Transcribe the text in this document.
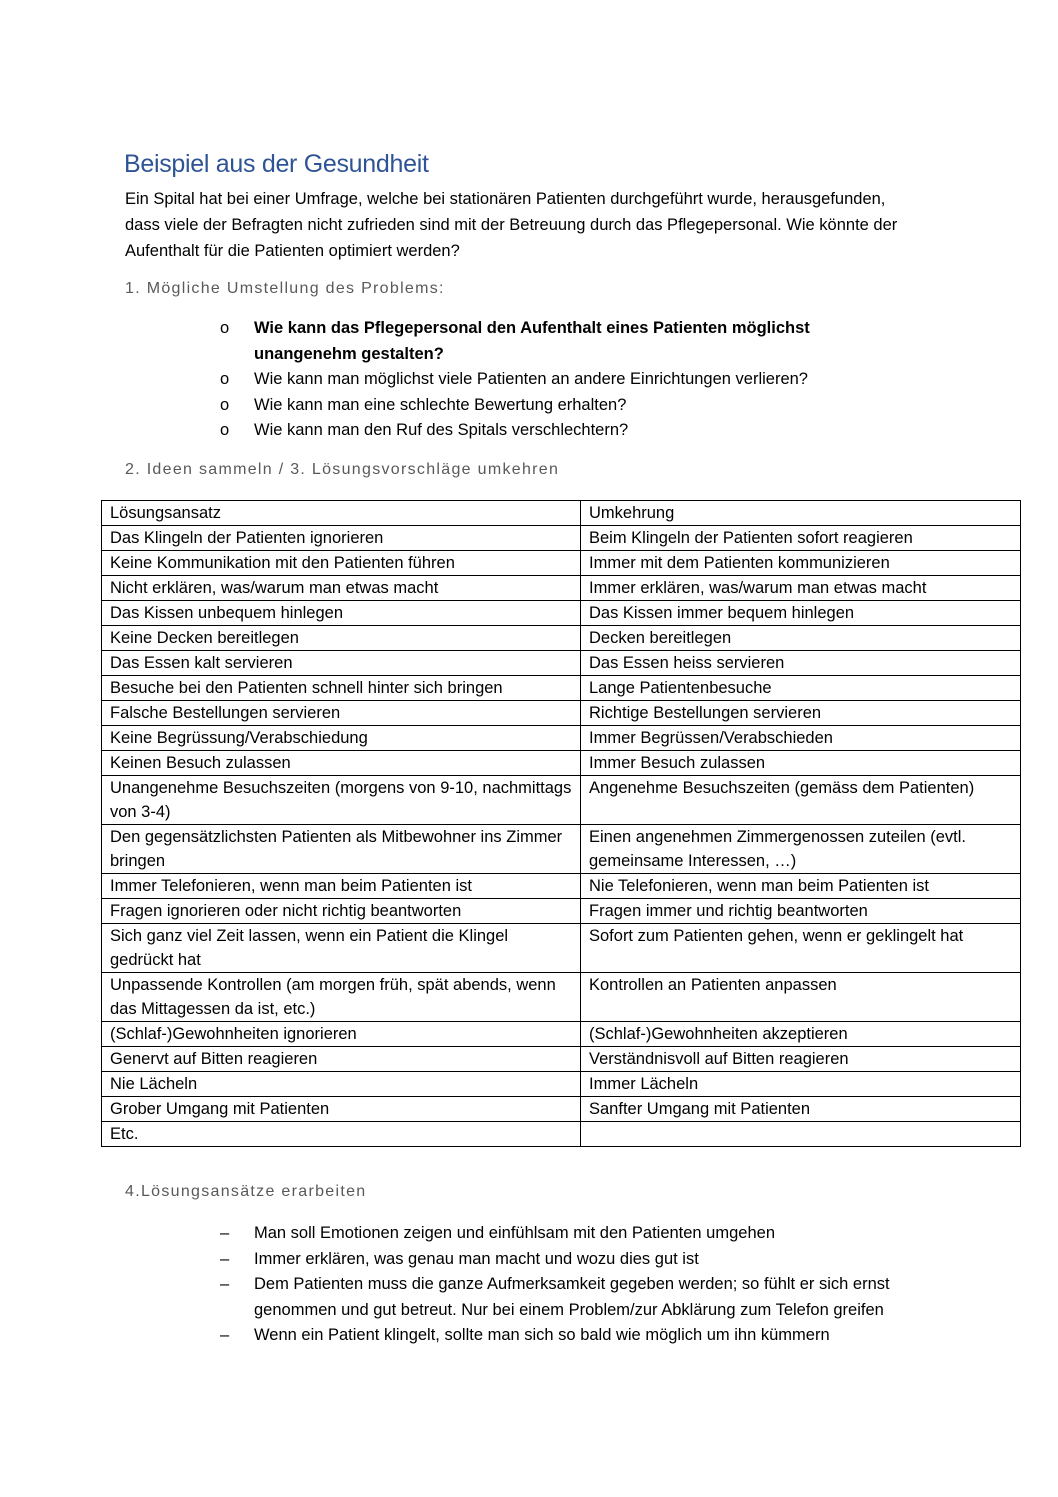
Beispiel aus der Gesundheit

Ein Spital hat bei einer Umfrage, welche bei stationären Patienten durchgeführt wurde, herausgefunden, dass viele der Befragten nicht zufrieden sind mit der Betreuung durch das Pflegepersonal. Wie könnte der Aufenthalt für die Patienten optimiert werden?

1. Mögliche Umstellung des Problems:
o Wie kann das Pflegepersonal den Aufenthalt eines Patienten möglichst unangenehm gestalten?
o Wie kann man möglichst viele Patienten an andere Einrichtungen verlieren?
o Wie kann man eine schlechte Bewertung erhalten?
o Wie kann man den Ruf des Spitals verschlechtern?
2. Ideen sammeln / 3. Lösungsvorschläge umkehren
Lösungsansatz	Umkehrung
Das Klingeln der Patienten ignorieren	Beim Klingeln der Patienten sofort reagieren
Keine Kommunikation mit den Patienten führen	Immer mit dem Patienten kommunizieren
Nicht erklären, was/warum man etwas macht	Immer erklären, was/warum man etwas macht
Das Kissen unbequem hinlegen	Das Kissen immer bequem hinlegen
Keine Decken bereitlegen	Decken bereitlegen
Das Essen kalt servieren	Das Essen heiss servieren
Besuche bei den Patienten schnell hinter sich bringen	Lange Patientenbesuche
Falsche Bestellungen servieren	Richtige Bestellungen servieren
Keine Begrüssung/Verabschiedung	Immer Begrüssen/Verabschieden
Keinen Besuch zulassen	Immer Besuch zulassen
Unangenehme Besuchszeiten (morgens von 9-10, nachmittags von 3-4)	Angenehme Besuchszeiten (gemäss dem Patienten)
Den gegensätzlichsten Patienten als Mitbewohner ins Zimmer bringen	Einen angenehmen Zimmergenossen zuteilen (evtl. gemeinsame Interessen, …)
Immer Telefonieren, wenn man beim Patienten ist	Nie Telefonieren, wenn man beim Patienten ist
Fragen ignorieren oder nicht richtig beantworten	Fragen immer und richtig beantworten
Sich ganz viel Zeit lassen, wenn ein Patient die Klingel gedrückt hat	Sofort zum Patienten gehen, wenn er geklingelt hat
Unpassende Kontrollen (am morgen früh, spät abends, wenn das Mittagessen da ist, etc.)	Kontrollen an Patienten anpassen
(Schlaf-)Gewohnheiten ignorieren	(Schlaf-)Gewohnheiten akzeptieren
Genervt auf Bitten reagieren	Verständnisvoll auf Bitten reagieren
Nie Lächeln	Immer Lächeln
Grober Umgang mit Patienten	Sanfter Umgang mit Patienten
Etc.	
4.Lösungsansätze erarbeiten
– Man soll Emotionen zeigen und einfühlsam mit den Patienten umgehen
– Immer erklären, was genau man macht und wozu dies gut ist
– Dem Patienten muss die ganze Aufmerksamkeit gegeben werden; so fühlt er sich ernst genommen und gut betreut. Nur bei einem Problem/zur Abklärung zum Telefon greifen
– Wenn ein Patient klingelt, sollte man sich so bald wie möglich um ihn kümmern
